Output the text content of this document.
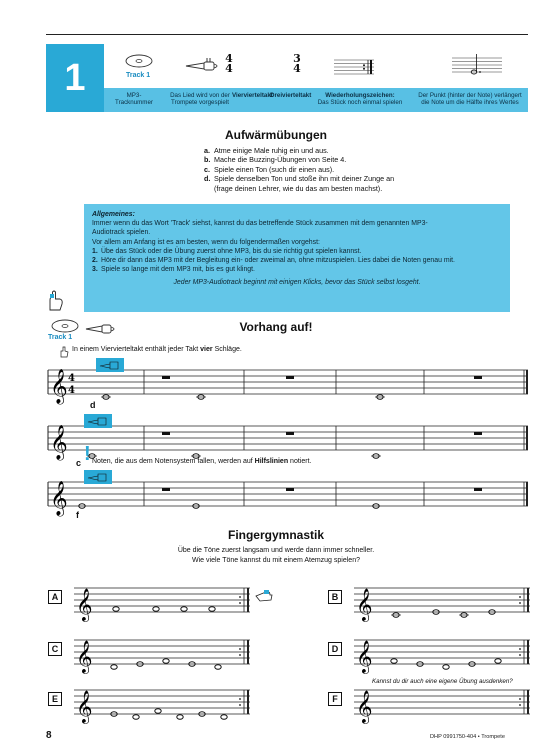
1	Track 1
4
4
3
4
MP3-
Tracknummer
Das Lied wird von der
Trompete vorgespielt
Viervierteltakt
Dreivierteltakt	Wiederholungszeichen:
Das Stück noch einmal spielen
Der Punkt (hinter der Note) verlängert
die Note um die Hälfte ihres Wertes
Aufwärmübungen
a. Atme einige Male ruhig ein und aus.
b. Mache die Buzzing-Übungen von Seite 4.
c. Spiele einen Ton (such dir einen aus).
d. Spiele denselben Ton und stoße ihn mit deiner Zunge an
(frage deinen Lehrer, wie du das am besten machst).
Allgemeines:
Immer wenn du das Wort 'Track' siehst, kannst du das betreffende Stück zusammen mit dem genannten MP3-
Audiotrack spielen.
Vor allem am Anfang ist es am besten, wenn du folgendermaßen vorgehst:
1. Übe das Stück oder die Übung zuerst ohne MP3, bis du sie richtig gut spielen kannst.
2. Höre dir dann das MP3 mit der Begleitung ein- oder zweimal an, ohne mitzuspielen. Lies dabei die Noten genau mit.
3. Spiele so lange mit dem MP3 mit, bis es gut klingt.
Jeder MP3-Audiotrack beginnt mit einigen Klicks, bevor das Stück selbst losgeht.
Track 1
Vorhang auf!
In einem Viervierteltakt enthält jeder Takt vier Schläge.
𝄞 4
4
d
𝄞
c ! Noten, die aus dem Notensystem fallen, werden auf Hilfslinien notiert.
𝄞 f
Fingergymnastik
Übe die Töne zuerst langsam und werde dann immer schneller.
Wie viele Töne kannst du mit einem Atemzug spielen?
A 𝄞	B 𝄞
C 𝄞	D 𝄞
E 𝄞
Kannst du dir auch eine eigene Übung ausdenken?
F 𝄞
8	DHP 0991750-404 • Trompete
